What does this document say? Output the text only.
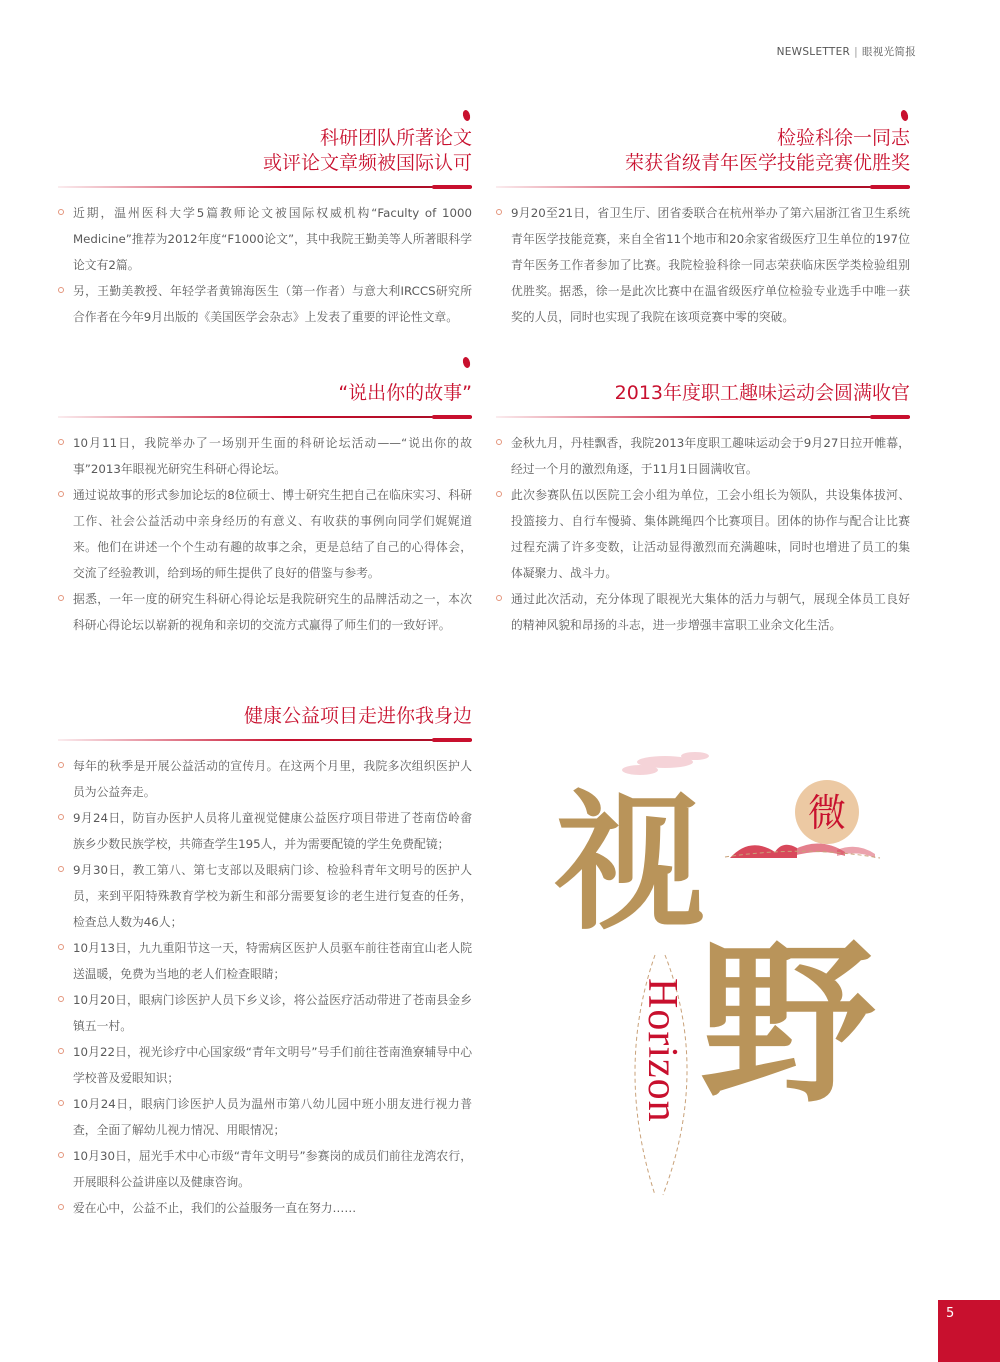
NEWSLETTER | 眼视光简报
科研团队所著论文
或评论文章频被国际认可
近期，温州医科大学5篇教师论文被国际权威机构“Faculty of 1000 Medicine”推荐为2012年度“F1000论文”，其中我院王勤美等人所著眼科学论文有2篇。
另，王勤美教授、年轻学者黄锦海医生（第一作者）与意大利IRCCS研究所合作者在今年9月出版的《美国医学会杂志》上发表了重要的评论性文章。
检验科徐一同志
荣获省级青年医学技能竞赛优胜奖
9月20至21日，省卫生厅、团省委联合在杭州举办了第六届浙江省卫生系统青年医学技能竞赛，来自全省11个地市和20余家省级医疗卫生单位的197位青年医务工作者参加了比赛。我院检验科徐一同志荣获临床医学类检验组别优胜奖。据悉，徐一是此次比赛中在温省级医疗单位检验专业选手中唯一获奖的人员，同时也实现了我院在该项竞赛中零的突破。
“说出你的故事”
10月11日，我院举办了一场别开生面的科研论坛活动——“说出你的故事”2013年眼视光研究生科研心得论坛。
通过说故事的形式参加论坛的8位硕士、博士研究生把自己在临床实习、科研工作、社会公益活动中亲身经历的有意义、有收获的事例向同学们娓娓道来。他们在讲述一个个生动有趣的故事之余，更是总结了自己的心得体会，交流了经验教训，给到场的师生提供了良好的借鉴与参考。
据悉，一年一度的研究生科研心得论坛是我院研究生的品牌活动之一，本次科研心得论坛以崭新的视角和亲切的交流方式赢得了师生们的一致好评。
2013年度职工趣味运动会圆满收官
金秋九月，丹桂飘香，我院2013年度职工趣味运动会于9月27日拉开帷幕，经过一个月的激烈角逐，于11月1日圆满收官。
此次参赛队伍以医院工会小组为单位，工会小组长为领队，共设集体拔河、投篮接力、自行车慢骑、集体跳绳四个比赛项目。团体的协作与配合让比赛过程充满了许多变数，让活动显得激烈而充满趣味，同时也增进了员工的集体凝聚力、战斗力。
通过此次活动，充分体现了眼视光大集体的活力与朝气，展现全体员工良好的精神风貌和昂扬的斗志，进一步增强丰富职工业余文化生活。
健康公益项目走进你我身边
每年的秋季是开展公益活动的宣传月。在这两个月里，我院多次组织医护人员为公益奔走。
9月24日，防盲办医护人员将儿童视觉健康公益医疗项目带进了苍南岱岭畲族乡少数民族学校，共筛查学生195人，并为需要配镜的学生免费配镜；
9月30日，教工第八、第七支部以及眼病门诊、检验科青年文明号的医护人员，来到平阳特殊教育学校为新生和部分需要复诊的老生进行复查的任务，检查总人数为46人；
10月13日，九九重阳节这一天，特需病区医护人员驱车前往苍南宜山老人院送温暖，免费为当地的老人们检查眼睛；
10月20日，眼病门诊医护人员下乡义诊，将公益医疗活动带进了苍南县金乡镇五一村。
10月22日，视光诊疗中心国家级“青年文明号”号手们前往苍南渔寮辅导中心学校普及爱眼知识；
10月24日，眼病门诊医护人员为温州市第八幼儿园中班小朋友进行视力普查，全面了解幼儿视力情况、用眼情况；
10月30日，屈光手术中心市级“青年文明号”参赛岗的成员们前往龙湾农行，开展眼科公益讲座以及健康咨询。
爱在心中，公益不止，我们的公益服务一直在努力……
微
视
野
Horizon
5
